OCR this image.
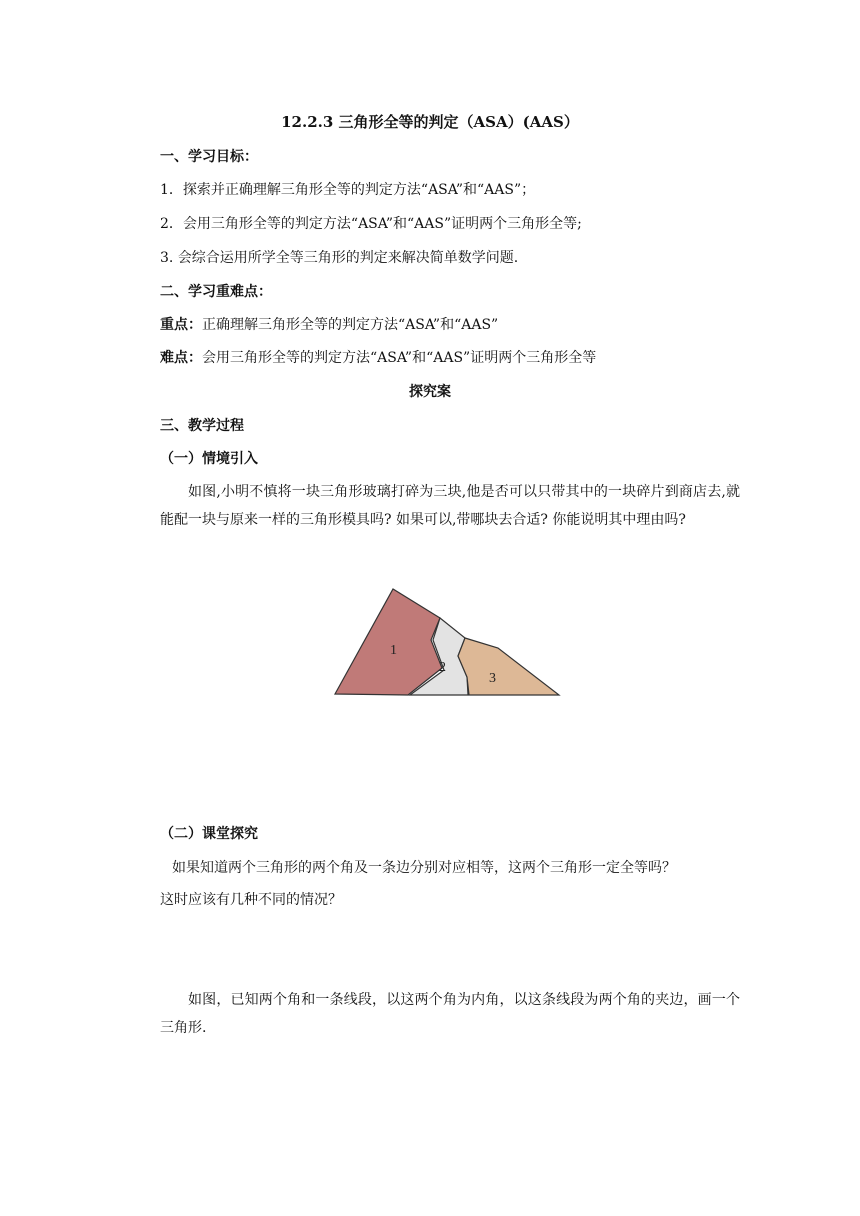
12.2.3 三角形全等的判定（ASA）(AAS）
一、学习目标：
1．探索并正确理解三角形全等的判定方法“ASA”和“AAS”；
2．会用三角形全等的判定方法“ASA”和“AAS”证明两个三角形全等;
3. 会综合运用所学全等三角形的判定来解决简单数学问题.
二、学习重难点：
重点：正确理解三角形全等的判定方法“ASA”和“AAS”
难点：会用三角形全等的判定方法“ASA”和“AAS”证明两个三角形全等
探究案
三、教学过程
（一）情境引入
如图,小明不慎将一块三角形玻璃打碎为三块,他是否可以只带其中的一块碎片到商店去,就能配一块与原来一样的三角形模具吗? 如果可以,带哪块去合适? 你能说明其中理由吗?
1
2
3
（二）课堂探究
如果知道两个三角形的两个角及一条边分别对应相等，这两个三角形一定全等吗？
这时应该有几种不同的情况？
如图，已知两个角和一条线段，以这两个角为内角，以这条线段为两个角的夹边，画一个三角形.
